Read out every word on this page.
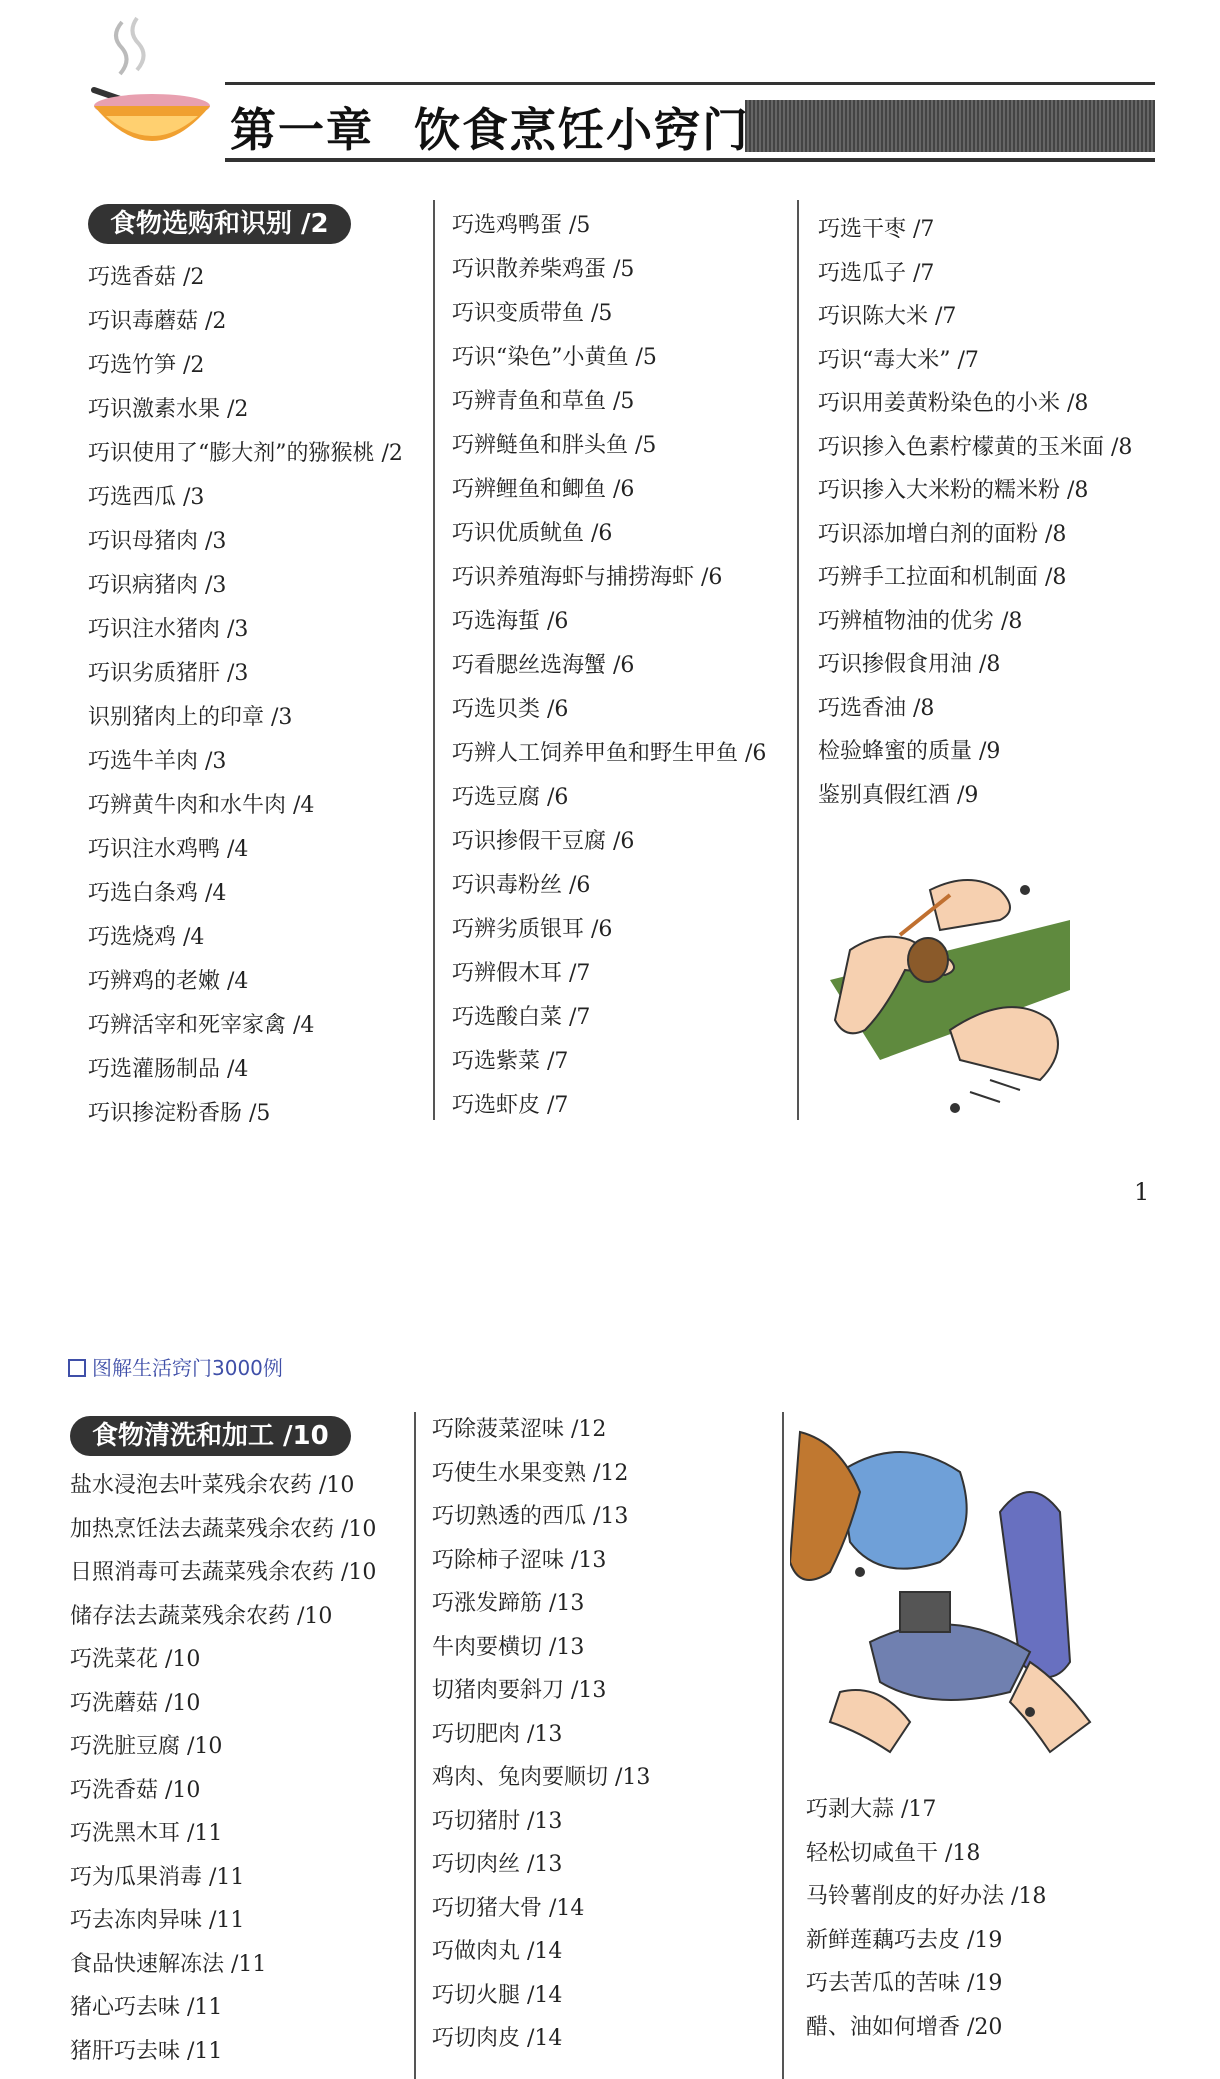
第一章 饮食烹饪小窍门
食物选购和识别 /2
巧选香菇 /2
巧识毒蘑菇 /2
巧选竹笋 /2
巧识激素水果 /2
巧识使用了“膨大剂”的猕猴桃 /2
巧选西瓜 /3
巧识母猪肉 /3
巧识病猪肉 /3
巧识注水猪肉 /3
巧识劣质猪肝 /3
识别猪肉上的印章 /3
巧选牛羊肉 /3
巧辨黄牛肉和水牛肉 /4
巧识注水鸡鸭 /4
巧选白条鸡 /4
巧选烧鸡 /4
巧辨鸡的老嫩 /4
巧辨活宰和死宰家禽 /4
巧选灌肠制品 /4
巧识掺淀粉香肠 /5
巧选鸡鸭蛋 /5
巧识散养柴鸡蛋 /5
巧识变质带鱼 /5
巧识“染色”小黄鱼 /5
巧辨青鱼和草鱼 /5
巧辨鲢鱼和胖头鱼 /5
巧辨鲤鱼和鲫鱼 /6
巧识优质鱿鱼 /6
巧识养殖海虾与捕捞海虾 /6
巧选海蜇 /6
巧看腮丝选海蟹 /6
巧选贝类 /6
巧辨人工饲养甲鱼和野生甲鱼 /6
巧选豆腐 /6
巧识掺假干豆腐 /6
巧识毒粉丝 /6
巧辨劣质银耳 /6
巧辨假木耳 /7
巧选酸白菜 /7
巧选紫菜 /7
巧选虾皮 /7
巧选干枣 /7
巧选瓜子 /7
巧识陈大米 /7
巧识“毒大米” /7
巧识用姜黄粉染色的小米 /8
巧识掺入色素柠檬黄的玉米面 /8
巧识掺入大米粉的糯米粉 /8
巧识添加增白剂的面粉 /8
巧辨手工拉面和机制面 /8
巧辨植物油的优劣 /8
巧识掺假食用油 /8
巧选香油 /8
检验蜂蜜的质量 /9
鉴别真假红酒 /9
1
图解生活窍门3000例
食物清洗和加工 /10
盐水浸泡去叶菜残余农药 /10
加热烹饪法去蔬菜残余农药 /10
日照消毒可去蔬菜残余农药 /10
储存法去蔬菜残余农药 /10
巧洗菜花 /10
巧洗蘑菇 /10
巧洗脏豆腐 /10
巧洗香菇 /10
巧洗黑木耳 /11
巧为瓜果消毒 /11
巧去冻肉异味 /11
食品快速解冻法 /11
猪心巧去味 /11
猪肝巧去味 /11
巧除菠菜涩味 /12
巧使生水果变熟 /12
巧切熟透的西瓜 /13
巧除柿子涩味 /13
巧涨发蹄筋 /13
牛肉要横切 /13
切猪肉要斜刀 /13
巧切肥肉 /13
鸡肉、兔肉要顺切 /13
巧切猪肘 /13
巧切肉丝 /13
巧切猪大骨 /14
巧做肉丸 /14
巧切火腿 /14
巧切肉皮 /14
巧剥大蒜 /17
轻松切咸鱼干 /18
马铃薯削皮的好办法 /18
新鲜莲藕巧去皮 /19
巧去苦瓜的苦味 /19
醋、油如何增香 /20
